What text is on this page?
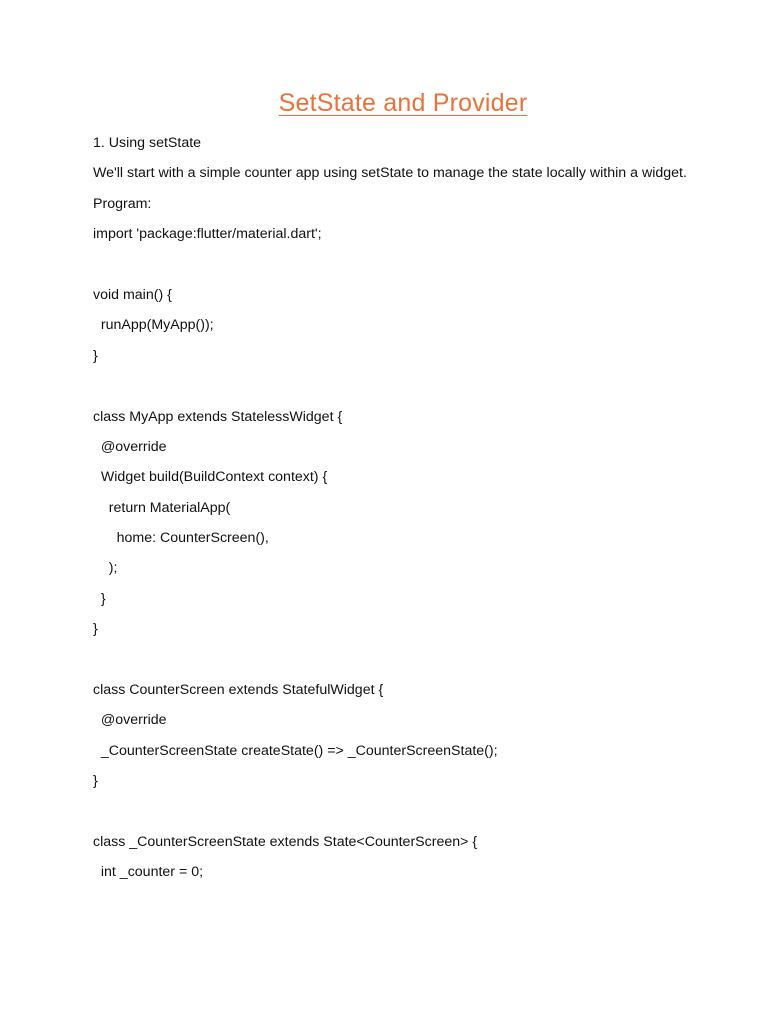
SetState and Provider

1. Using setState

We'll start with a simple counter app using setState to manage the state locally within a widget.

Program:

import 'package:flutter/material.dart';
void main() {
runApp(MyApp());
}
class MyApp extends StatelessWidget {
@override
Widget build(BuildContext context) {
return MaterialApp(
home: CounterScreen(),
);
}
}
class CounterScreen extends StatefulWidget {
@override
_CounterScreenState createState() => _CounterScreenState();
}
class _CounterScreenState extends State<CounterScreen> {
int _counter = 0;
